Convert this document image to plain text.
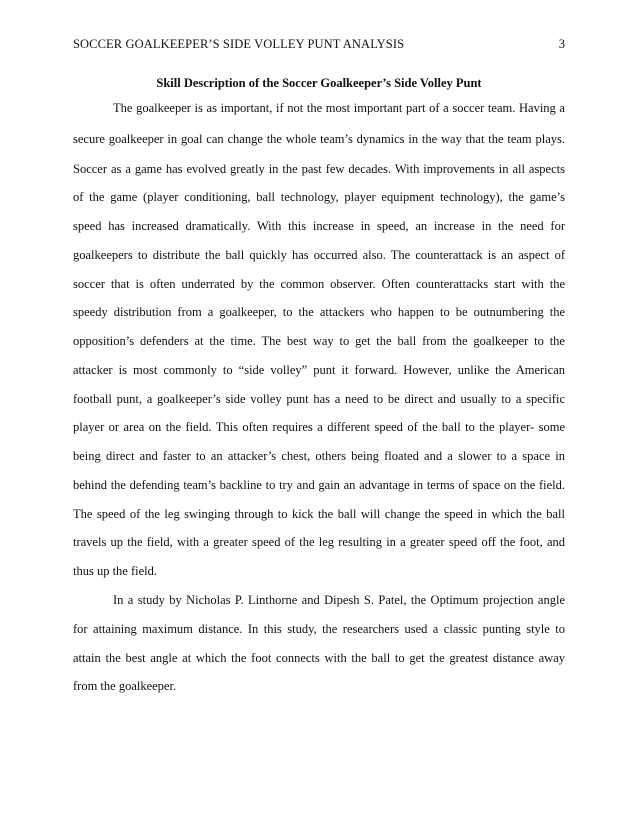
SOCCER GOALKEEPER’S SIDE VOLLEY PUNT ANALYSIS	3
Skill Description of the Soccer Goalkeeper’s Side Volley Punt
The goalkeeper is as important, if not the most important part of a soccer team. Having a
secure goalkeeper in goal can change the whole team’s dynamics in the way that the team plays.
Soccer as a game has evolved greatly in the past few decades. With improvements in all aspects
of the game (player conditioning, ball technology, player equipment technology), the game’s
speed has increased dramatically. With this increase in speed, an increase in the need for
goalkeepers to distribute the ball quickly has occurred also. The counterattack is an aspect of
soccer that is often underrated by the common observer. Often counterattacks start with the
speedy distribution from a goalkeeper, to the attackers who happen to be outnumbering the
opposition’s defenders at the time. The best way to get the ball from the goalkeeper to the
attacker is most commonly to “side volley” punt it forward. However, unlike the American
football punt, a goalkeeper’s side volley punt has a need to be direct and usually to a specific
player or area on the field. This often requires a different speed of the ball to the player- some
being direct and faster to an attacker’s chest, others being floated and a slower to a space in
behind the defending team’s backline to try and gain an advantage in terms of space on the field.
The speed of the leg swinging through to kick the ball will change the speed in which the ball
travels up the field, with a greater speed of the leg resulting in a greater speed off the foot, and
thus up the field.
In a study by Nicholas P. Linthorne and Dipesh S. Patel, the Optimum projection angle
for attaining maximum distance. In this study, the researchers used a classic punting style to
attain the best angle at which the foot connects with the ball to get the greatest distance away
from the goalkeeper.
